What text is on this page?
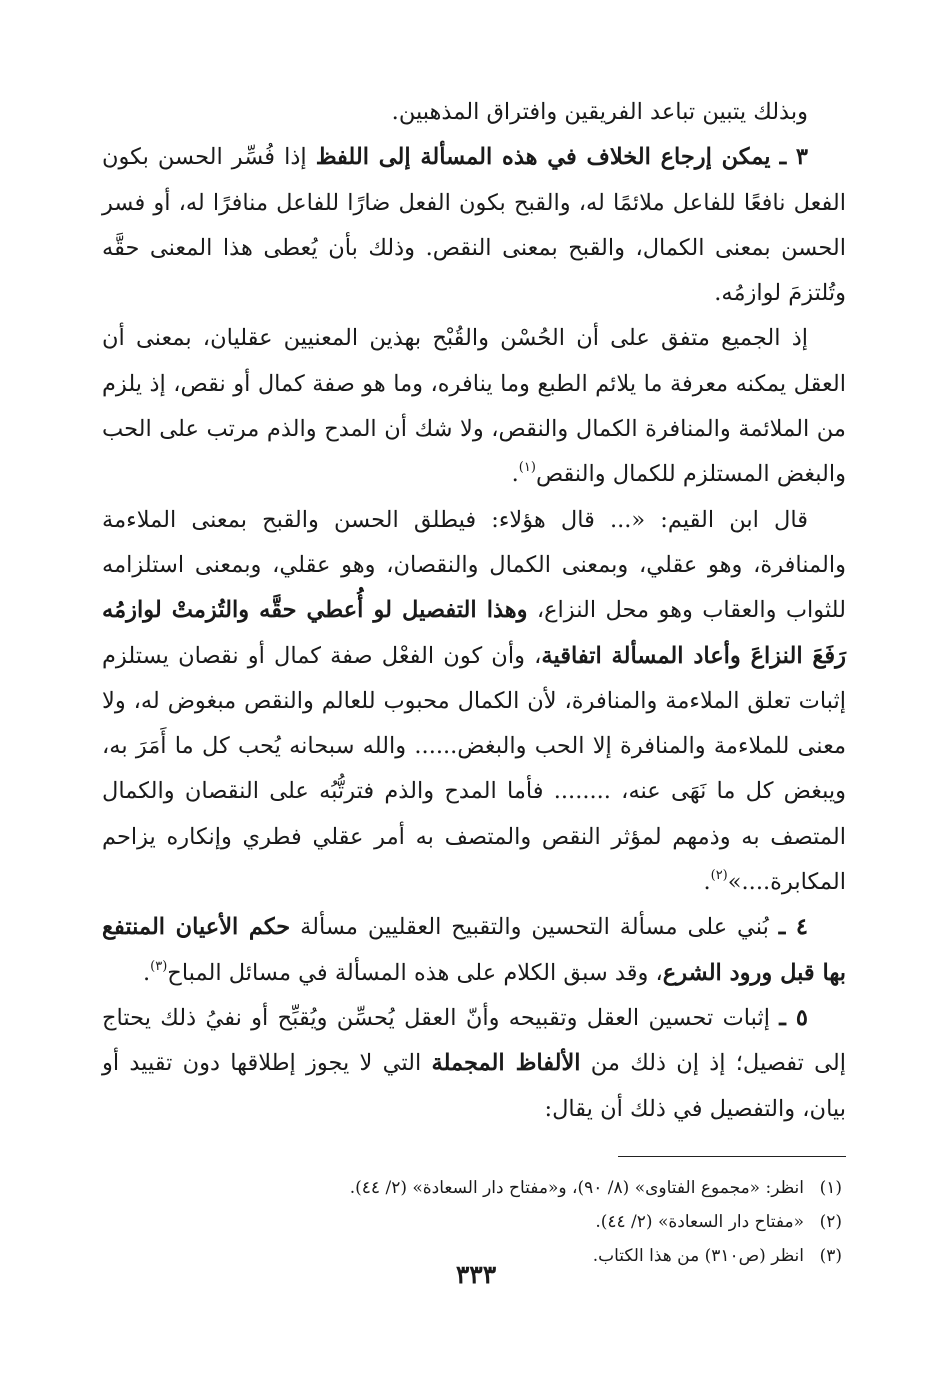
وبذلك يتبين تباعد الفريقين وافتراق المذهبين.

٣ ـ يمكن إرجاع الخلاف في هذه المسألة إلى اللفظ إذا فُسِّر الحسن بكون الفعل نافعًا للفاعل ملائمًا له، والقبح بكون الفعل ضارًا للفاعل منافرًا له، أو فسر الحسن بمعنى الكمال، والقبح بمعنى النقص. وذلك بأن يُعطى هذا المعنى حقَّه وتُلتزمَ لوازمُه.

إذ الجميع متفق على أن الحُسْن والقُبْح بهذين المعنيين عقليان، بمعنى أن العقل يمكنه معرفة ما يلائم الطبع وما ينافره، وما هو صفة كمال أو نقص، إذ يلزم من الملائمة والمنافرة الكمال والنقص، ولا شك أن المدح والذم مرتب على الحب والبغض المستلزم للكمال والنقص$^{(١)}$.

قال ابن القيم: «... قال هؤلاء: فيطلق الحسن والقبح بمعنى الملاءمة والمنافرة، وهو عقلي، وبمعنى الكمال والنقصان، وهو عقلي، وبمعنى استلزامه للثواب والعقاب وهو محل النزاع، وهذا التفصيل لو أُعطي حقَّه والتُزمتْ لوازمُه رَفَعَ النزاعَ وأعاد المسألة اتفاقية، وأن كون الفعْل صفة كمال أو نقصان يستلزم إثبات تعلق الملاءمة والمنافرة، لأن الكمال محبوب للعالم والنقص مبغوض له، ولا معنى للملاءمة والمنافرة إلا الحب والبغض...... والله سبحانه يُحب كل ما أَمَرَ به، ويبغض كل ما نَهَى عنه، ........ فأما المدح والذم فترتُّبُه على النقصان والكمال المتصف به وذمهم لمؤثر النقص والمتصف به أمر عقلي فطري وإنكاره يزاحم المكابرة....»$^{(٢)}$.

٤ ـ بُني على مسألة التحسين والتقبيح العقليين مسألة حكم الأعيان المنتفع بها قبل ورود الشرع، وقد سبق الكلام على هذه المسألة في مسائل المباح$^{(٣)}$.

٥ ـ إثبات تحسين العقل وتقبيحه وأنّ العقل يُحسِّن ويُقبِّح أو نفيُ ذلك يحتاج إلى تفصيل؛ إذ إن ذلك من الألفاظ المجملة التي لا يجوز إطلاقها دون تقييد أو بيان، والتفصيل في ذلك أن يقال:

(١)انظر: «مجموع الفتاوى» (٨/ ٩٠)، و«مفتاح دار السعادة» (٢/ ٤٤).

(٢)«مفتاح دار السعادة» (٢/ ٤٤).

(٣)انظر (ص٣١٠) من هذا الكتاب.

٣٣٣
